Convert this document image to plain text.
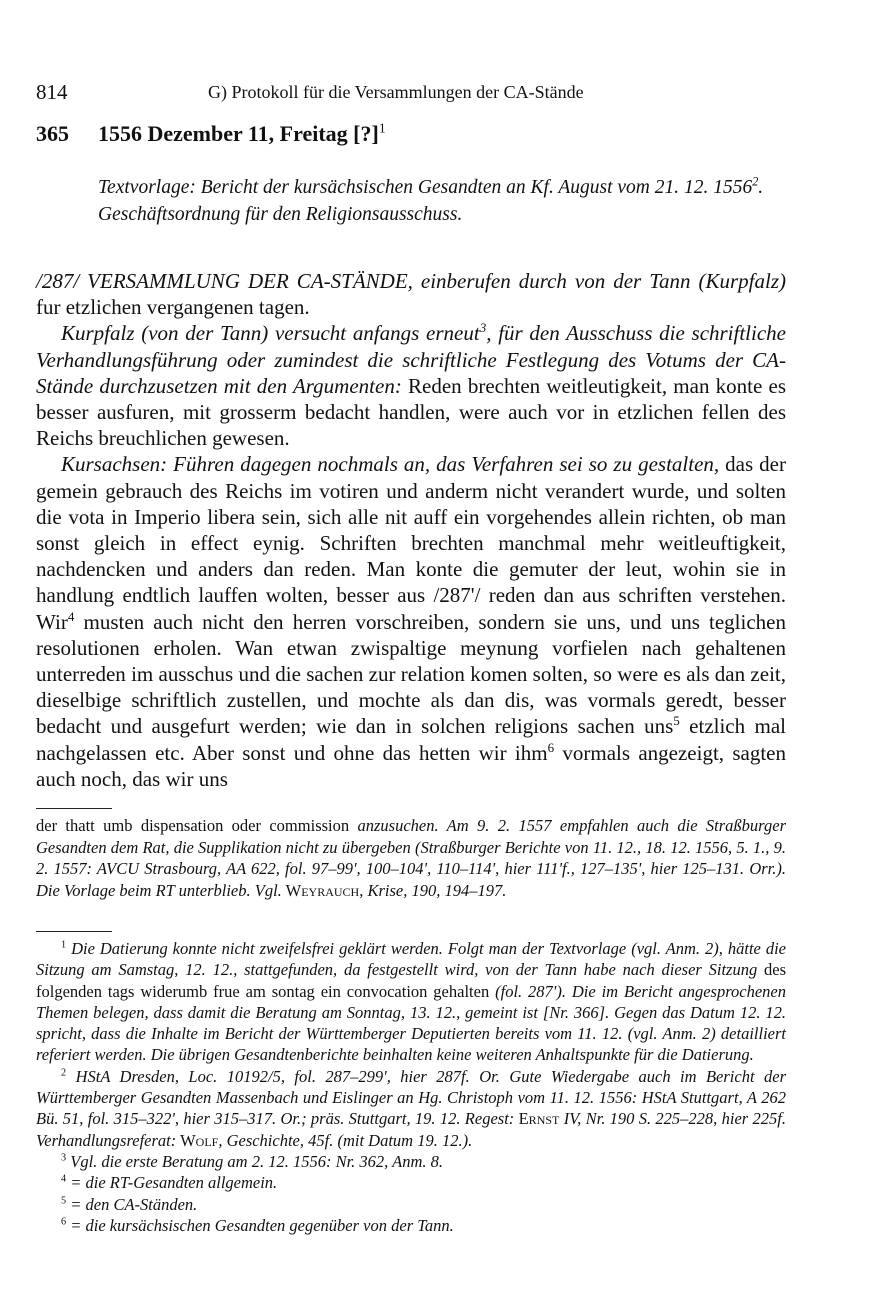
814	G) Protokoll für die Versammlungen der CA-Stände
365 1556 Dezember 11, Freitag [?]$^1$

Textvorlage: Bericht der kursächsischen Gesandten an Kf. August vom 21. 12. 1556$^2$.

Geschäftsordnung für den Religionsausschuss.

/287/ VERSAMMLUNG DER CA-STÄNDE, einberufen durch von der Tann (Kurpfalz) fur etzlichen vergangenen tagen.

Kurpfalz (von der Tann) versucht anfangs erneut$^3$, für den Ausschuss die schriftliche Verhandlungsführung oder zumindest die schriftliche Festlegung des Votums der CA-Stände durchzusetzen mit den Argumenten: Reden brechten weitleutigkeit, man konte es besser ausfuren, mit grosserm bedacht handlen, were auch vor in etzlichen fellen des Reichs breuchlichen gewesen.

Kursachsen: Führen dagegen nochmals an, das Verfahren sei so zu gestalten, das der gemein gebrauch des Reichs im votiren und anderm nicht verandert wurde, und solten die vota in Imperio libera sein, sich alle nit auff ein vorgehendes allein richten, ob man sonst gleich in effect eynig. Schriften brechten manchmal mehr weitleuftigkeit, nachdencken und anders dan reden. Man konte die gemuter der leut, wohin sie in handlung endtlich lauffen wolten, besser aus /287'/ reden dan aus schriften verstehen. Wir$^4$ musten auch nicht den herren vorschreiben, sondern sie uns, und uns teglichen resolutionen erholen. Wan etwan zwispaltige meynung vorfielen nach gehaltenen unterreden im ausschus und die sachen zur relation komen solten, so were es als dan zeit, dieselbige schriftlich zustellen, und mochte als dan dis, was vormals geredt, besser bedacht und ausgefurt werden; wie dan in solchen religions sachen uns$^5$ etzlich mal nachgelassen etc. Aber sonst und ohne das hetten wir ihm$^6$ vormals angezeigt, sagten auch noch, das wir uns

der thatt umb dispensation oder commission anzusuchen. Am 9. 2. 1557 empfahlen auch die Straßburger Gesandten dem Rat, die Supplikation nicht zu übergeben (Straßburger Berichte von 11. 12., 18. 12. 1556, 5. 1., 9. 2. 1557: AVCU Strasbourg, AA 622, fol. 97–99', 100–104', 110–114', hier 111'f., 127–135', hier 125–131. Orr.). Die Vorlage beim RT unterblieb. Vgl. Weyrauch, Krise, 190, 194–197.

$^1$ Die Datierung konnte nicht zweifelsfrei geklärt werden. Folgt man der Textvorlage (vgl. Anm. 2), hätte die Sitzung am Samstag, 12. 12., stattgefunden, da festgestellt wird, von der Tann habe nach dieser Sitzung des folgenden tags widerumb frue am sontag ein convocation gehalten (fol. 287'). Die im Bericht angesprochenen Themen belegen, dass damit die Beratung am Sonntag, 13. 12., gemeint ist [Nr. 366]. Gegen das Datum 12. 12. spricht, dass die Inhalte im Bericht der Württemberger Deputierten bereits vom 11. 12. (vgl. Anm. 2) detailliert referiert werden. Die übrigen Gesandtenberichte beinhalten keine weiteren Anhaltspunkte für die Datierung.

$^2$ HStA Dresden, Loc. 10192/5, fol. 287–299', hier 287f. Or. Gute Wiedergabe auch im Bericht der Württemberger Gesandten Massenbach und Eislinger an Hg. Christoph vom 11. 12. 1556: HStA Stuttgart, A 262 Bü. 51, fol. 315–322', hier 315–317. Or.; präs. Stuttgart, 19. 12. Regest: Ernst IV, Nr. 190 S. 225–228, hier 225f. Verhandlungsreferat: Wolf, Geschichte, 45f. (mit Datum 19. 12.).

$^3$ Vgl. die erste Beratung am 2. 12. 1556: Nr. 362, Anm. 8.

$^4$ = die RT-Gesandten allgemein.

$^5$ = den CA-Ständen.

$^6$ = die kursächsischen Gesandten gegenüber von der Tann.
